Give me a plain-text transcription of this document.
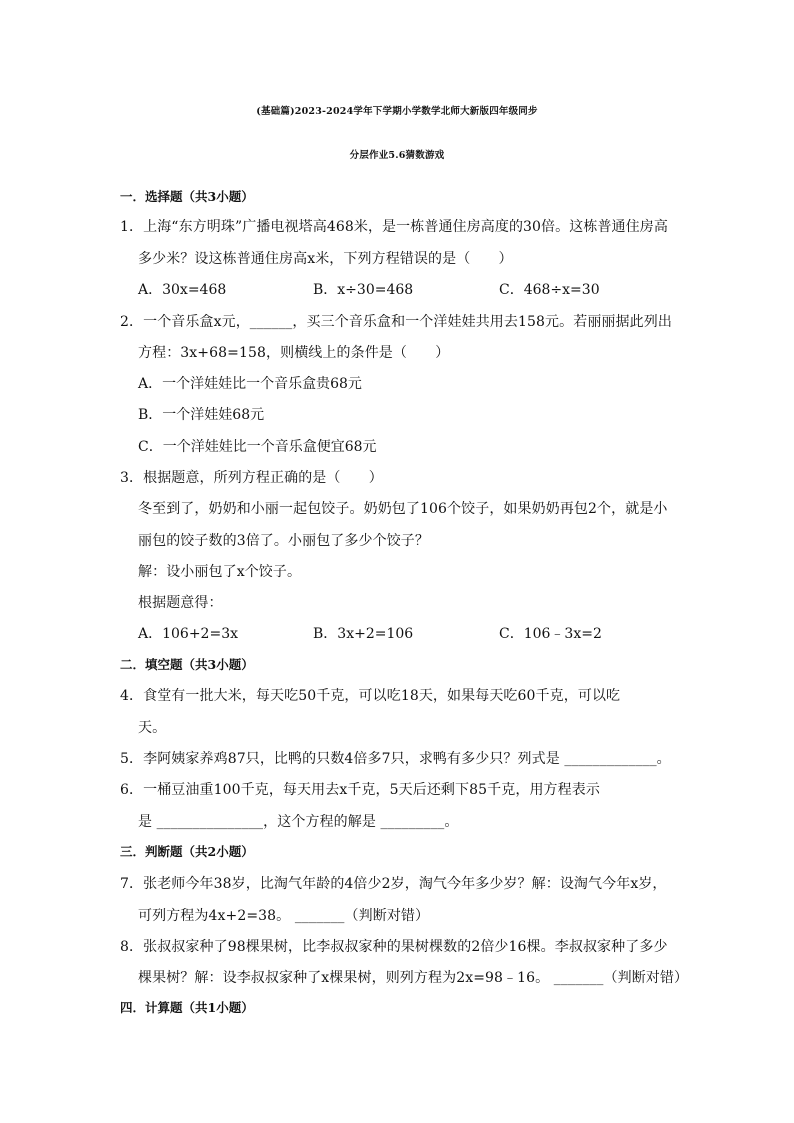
(基础篇)2023-2024学年下学期小学数学北师大新版四年级同步
分层作业5.6猜数游戏
一．选择题（共3小题）
1．上海“东方明珠”广播电视塔高468米，是一栋普通住房高度的30倍。这栋普通住房高
多少米？设这栋普通住房高x米，下列方程错误的是（　　）
A．30x=468	B．x÷30=468	C．468÷x=30
2．一个音乐盒x元，______，买三个音乐盒和一个洋娃娃共用去158元。若丽丽据此列出
方程：3x+68=158，则横线上的条件是（　　）
A．一个洋娃娃比一个音乐盒贵68元
B．一个洋娃娃68元
C．一个洋娃娃比一个音乐盒便宜68元
3．根据题意，所列方程正确的是（　　）
冬至到了，奶奶和小丽一起包饺子。奶奶包了106个饺子，如果奶奶再包2个，就是小
丽包的饺子数的3倍了。小丽包了多少个饺子？
解：设小丽包了x个饺子。
根据题意得：
A．106+2=3x	B．3x+2=106	C．106﹣3x=2
二．填空题（共3小题）
4．食堂有一批大米，每天吃50千克，可以吃18天，如果每天吃60千克，可以吃
天。
5．李阿姨家养鸡87只，比鸭的只数4倍多7只，求鸭有多少只？列式是 _____________。
6．一桶豆油重100千克，每天用去x千克，5天后还剩下85千克，用方程表示
是 _______________，这个方程的解是 _________。
三．判断题（共2小题）
7．张老师今年38岁，比淘气年龄的4倍少2岁，淘气今年多少岁？解：设淘气今年x岁，
可列方程为4x+2=38。 _______（判断对错）
8．张叔叔家种了98棵果树，比李叔叔家种的果树棵数的2倍少16棵。李叔叔家种了多少
棵果树？解：设李叔叔家种了x棵果树，则列方程为2x=98﹣16。 _______（判断对错）
四．计算题（共1小题）
